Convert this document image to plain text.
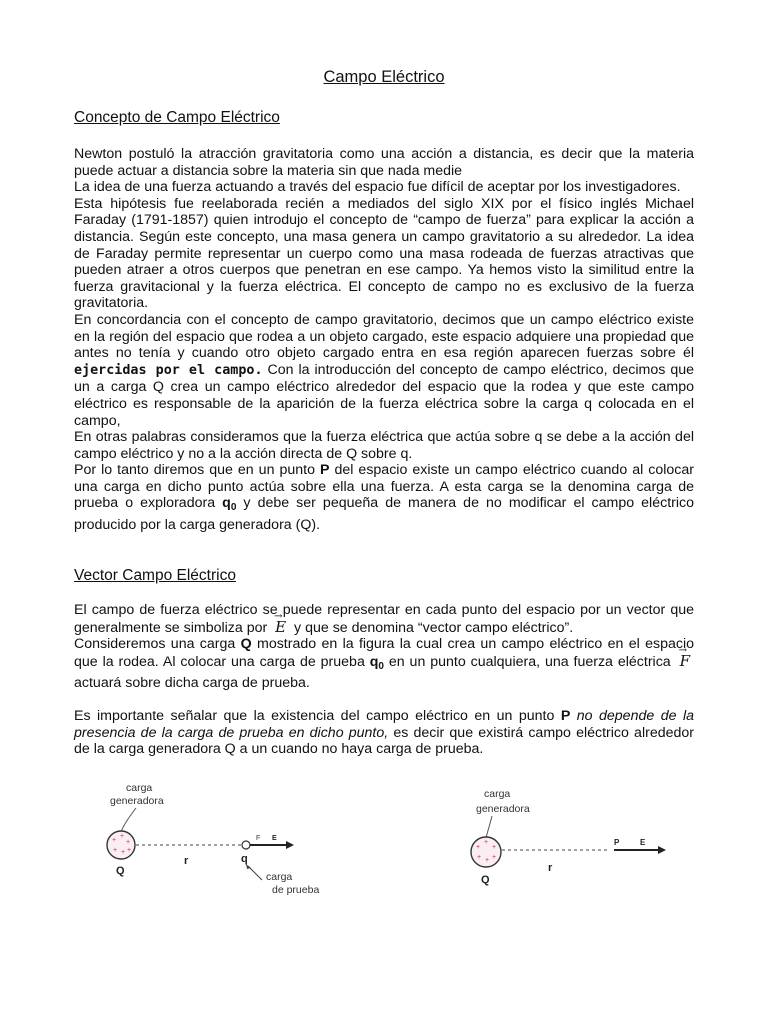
Campo Eléctrico
Concepto de Campo Eléctrico

Newton postuló la atracción gravitatoria como una acción a distancia, es decir que la materia puede actuar a distancia sobre la materia sin que nada medie

La idea de una fuerza actuando a través del espacio fue difícil de aceptar por los investigadores.

Esta hipótesis fue reelaborada recién a mediados del siglo XIX por el físico inglés Michael Faraday (1791-1857) quien introdujo el concepto de “campo de fuerza” para explicar la acción a distancia. Según este concepto, una masa genera un campo gravitatorio a su alrededor. La idea de Faraday permite representar un cuerpo como una masa rodeada de fuerzas atractivas que pueden atraer a otros cuerpos que penetran en ese campo. Ya hemos visto la similitud entre la fuerza gravitacional y la fuerza eléctrica. El concepto de campo no es exclusivo de la fuerza gravitatoria.

En concordancia con el concepto de campo gravitatorio, decimos que un campo eléctrico existe en la región del espacio que rodea a un objeto cargado, este espacio adquiere una propiedad que antes no tenía y cuando otro objeto cargado entra en esa región aparecen fuerzas sobre él ejercidas por el campo. Con la introducción del concepto de campo eléctrico, decimos que un a carga Q crea un campo eléctrico alrededor del espacio que la rodea y que este campo eléctrico es responsable de la aparición de la fuerza eléctrica sobre la carga q colocada en el campo,

En otras palabras consideramos que la fuerza eléctrica que actúa sobre q se debe a la acción del campo eléctrico y no a la acción directa de Q sobre q.

Por lo tanto diremos que en un punto P del espacio existe un campo eléctrico cuando al colocar una carga en dicho punto actúa sobre ella una fuerza. A esta carga se la denomina carga de prueba o exploradora $q_0$ y debe ser pequeña de manera de no modificar el campo eléctrico producido por la carga generadora (Q).

Vector Campo Eléctrico

El campo de fuerza eléctrico se puede representar en cada punto del espacio por un vector que generalmente se simboliza por → E y que se denomina “vector campo eléctrico”.

Consideremos una carga Q mostrado en la figura la cual crea un campo eléctrico en el espacio que la rodea. Al colocar una carga de prueba $q_0$ en un punto cualquiera, una fuerza eléctrica → F actuará sobre dicha carga de prueba.

Es importante señalar que la existencia del campo eléctrico en un punto P no depende de la presencia de la carga de prueba en dicho punto, es decir que existirá campo eléctrico alrededor de la carga generadora Q a un cuando no haya carga de prueba.

carga
generadora
+
+
+
+ + +
F E
Q
r	q
carga
de prueba
carga
generadora
+
+
+
+ + +
P	E
Q
r
